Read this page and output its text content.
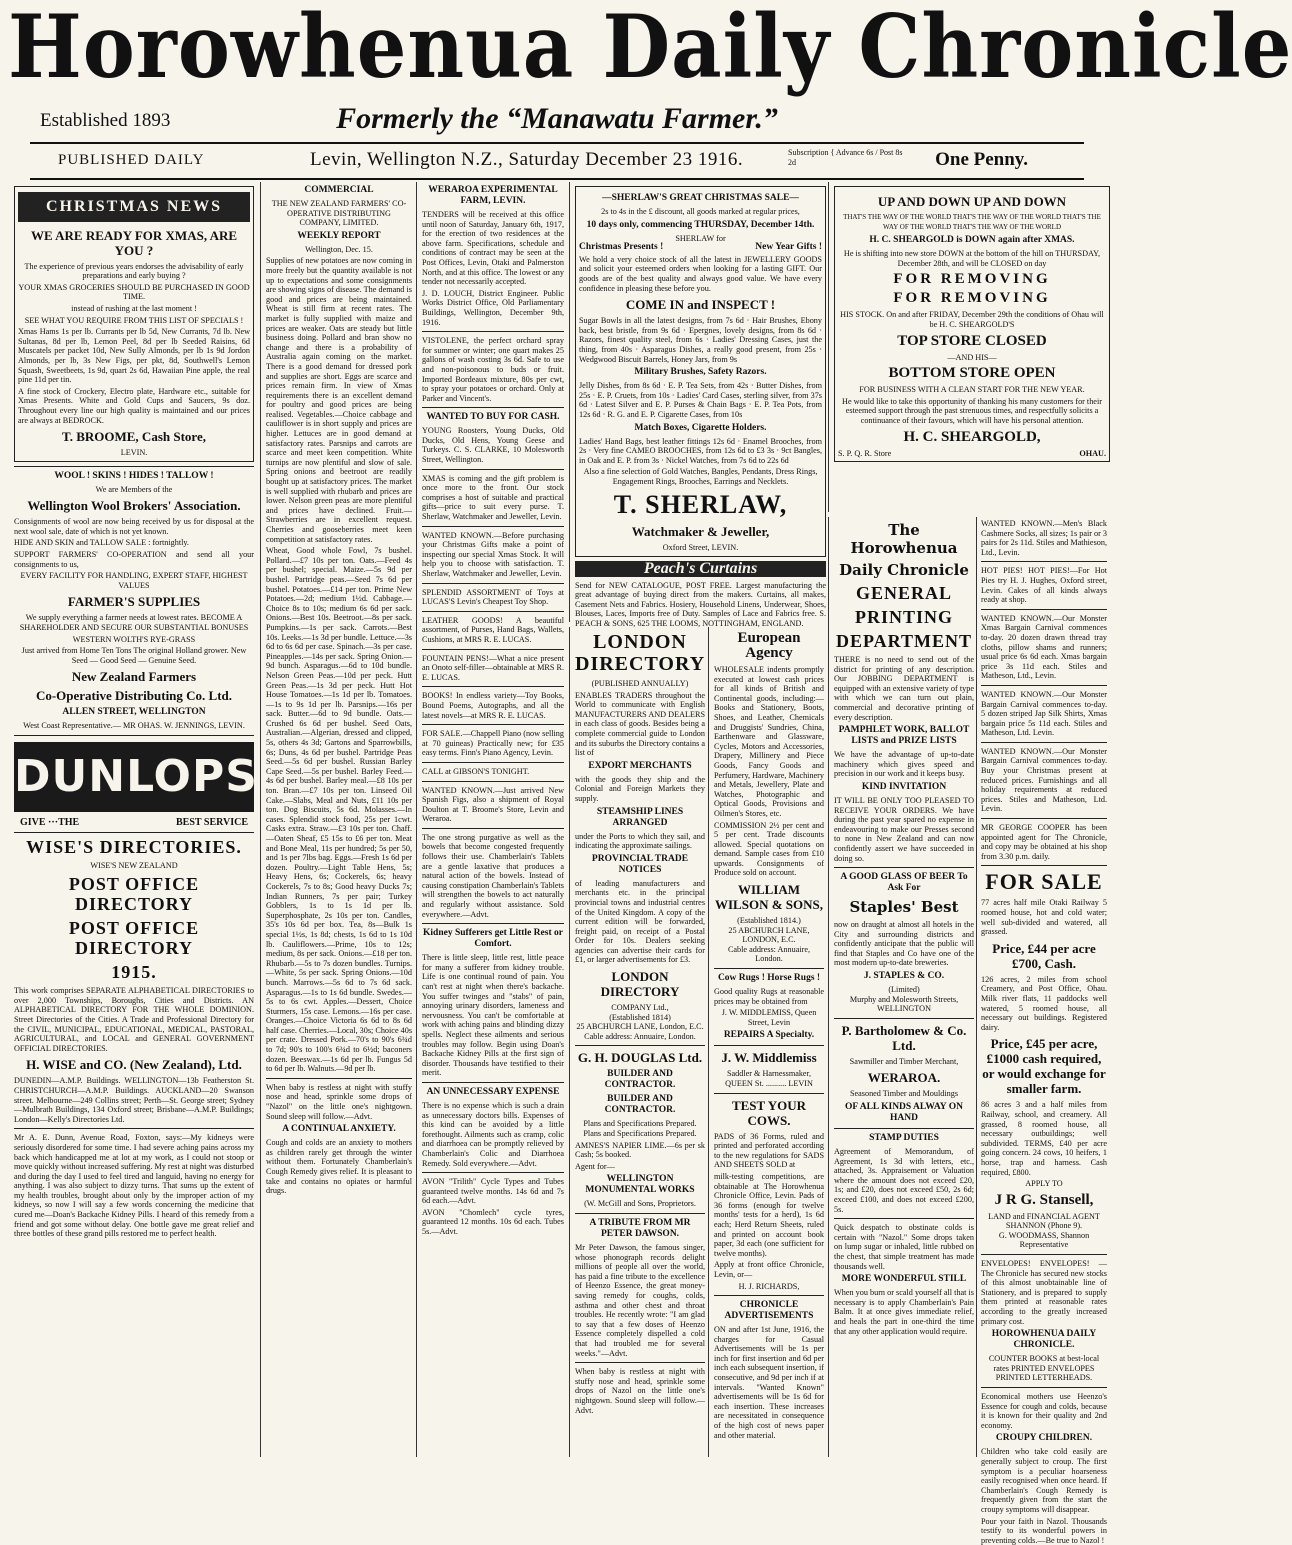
Horowhenua Daily Chronicle
Established 1893	Formerly the “Manawatu Farmer.”
PUBLISHED DAILY	Levin, Wellington N.Z., Saturday December 23 1916.	Subscription { Advance 6s / Post 8s 2d	One Penny.
CHRISTMAS NEWS
WE ARE READY FOR XMAS, ARE YOU ?
The experience of previous years endorses the advisability of early preparations and early buying ?
YOUR XMAS GROCERIES SHOULD BE PURCHASED IN GOOD TIME.
instead of rushing at the last moment !
SEE WHAT YOU REQUIRE FROM THIS LIST OF SPECIALS !
Xmas Hams 1s per lb. Currants per lb 5d, New Currants, 7d lb. New Sultanas, 8d per lb, Lemon Peel, 8d per lb Seeded Raisins, 6d Muscatels per packet 10d, New Sully Almonds, per lb 1s 9d Jordon Almonds, per lb, 3s New Figs, per pkt, 8d, Southwell's Lemon Squash, Sweetbeets, 1s 9d, quart 2s 6d, Hawaiian Pine apple, the real pine 11d per tin.
A fine stock of Crockery, Electro plate, Hardware etc., suitable for Xmas Presents. White and Gold Cups and Saucers, 9s doz. Throughout every line our high quality is maintained and our prices are always at BEDROCK.
T. BROOME, Cash Store,
LEVIN.
WOOL ! SKINS ! HIDES ! TALLOW !
We are Members of the
Wellington Wool Brokers' Association.
Consignments of wool are now being received by us for disposal at the next wool sale, date of which is not yet known.
HIDE AND SKIN and TALLOW SALE : fortnightly.
SUPPORT FARMERS' CO-OPERATION and send all your consignments to us,
EVERY FACILITY FOR HANDLING, EXPERT STAFF, HIGHEST VALUES
FARMER'S SUPPLIES
We supply everything a farmer needs at lowest rates. BECOME A SHAREHOLDER AND SECURE OUR SUBSTANTIAL BONUSES
WESTERN WOLTH'S RYE-GRASS
Just arrived from Home Ten Tons The original Holland grower. New Seed — Good Seed — Genuine Seed.
New Zealand Farmers
Co-Operative Distributing Co. Ltd.
ALLEN STREET, WELLINGTON
West Coast Representative.— MR OHAS. W. JENNINGS, LEVIN.
DUNLOPS
GIVE ···THE	BEST SERVICE
WISE'S DIRECTORIES.
WISE'S NEW ZEALAND
POST OFFICE DIRECTORY
POST OFFICE DIRECTORY
1915.
This work comprises SEPARATE ALPHABETICAL DIRECTORIES to over 2,000 Townships, Boroughs, Cities and Districts. AN ALPHABETICAL DIRECTORY FOR THE WHOLE DOMINION. Street Directories of the Cities. A Trade and Professional Directory for the CIVIL, MUNICIPAL, EDUCATIONAL, MEDICAL, PASTORAL, AGRICULTURAL, and LOCAL and GENERAL GOVERNMENT OFFICIAL DIRECTORIES.
H. WISE and CO. (New Zealand), Ltd.
DUNEDIN—A.M.P. Buildings. WELLINGTON—13b Featherston St. CHRISTCHURCH—A.M.P. Buildings. AUCKLAND—20 Swanson street. Melbourne—249 Collins street; Perth—St. George street; Sydney—Mulbrath Buildings, 134 Oxford street; Brisbane—A.M.P. Buildings; London—Kelly's Directories Ltd.
Mr A. E. Dunn, Avenue Road, Foxton, says:—My kidneys were seriously disordered for some time. I had severe aching pains across my back which handicapped me at lot at my work, as I could not stoop or move quickly without increased suffering. My rest at night was disturbed and during the day I used to feel tired and languid, having no energy for anything. I was also subject to dizzy turns. That sums up the extent of my health troubles, brought about only by the improper action of my kidneys, so now I will say a few words concerning the medicine that cured me—Doan's Backache Kidney Pills. I heard of this remedy from a friend and got some without delay. One bottle gave me great relief and three bottles of these grand pills restored me to perfect health.
COMMERCIAL
THE NEW ZEALAND FARMERS' CO-OPERATIVE DISTRIBUTING COMPANY, LIMITED.
WEEKLY REPORT
Wellington, Dec. 15.
Supplies of new potatoes are now coming in more freely but the quantity available is not up to expectations and some consignments are showing signs of disease. The demand is good and prices are being maintained. Wheat is still firm at recent rates. The market is fully supplied with maize and prices are weaker. Oats are steady but little business doing. Pollard and bran show no change and there is a probability of Australia again coming on the market. There is a good demand for dressed pork and supplies are short. Eggs are scarce and prices remain firm. In view of Xmas requirements there is an excellent demand for poultry and good prices are being realised. Vegetables.—Choice cabbage and cauliflower is in short supply and prices are higher. Lettuces are in good demand at satisfactory rates. Parsnips and carrots are scarce and meet keen competition. White turnips are now plentiful and slow of sale. Spring onions and beetroot are readily bought up at satisfactory prices. The market is well supplied with rhubarb and prices are lower. Nelson green peas are more plentiful and prices have declined. Fruit.—Strawberries are in excellent request. Cherries and gooseberries meet keen competition at satisfactory rates.
Wheat, Good whole Fowl, 7s bushel. Pollard.—£7 10s per ton. Oats.—Feed 4s per bushel; special. Maize.—5s 9d per bushel. Partridge peas.—Seed 7s 6d per bushel. Potatoes.—£14 per ton. Prime New Potatoes.—2d; medium 1½d. Cabbage.—Choice 8s to 10s; medium 6s 6d per sack. Onions.—Best 10s. Beetroot.—8s per sack. Pumpkins.—1s per sack. Carrots.—Best 10s. Leeks.—1s 3d per bundle. Lettuce.—3s 6d to 6s 6d per case. Spinach.—3s per case. Pineapples.—14s per sack. Spring Onion.—9d bunch. Asparagus.—6d to 10d bundle. Nelson Green Peas.—10d per peck. Hutt Green Peas.—1s 3d per peck. Hutt Hot House Tomatoes.—1s 1d per lb. Tomatoes.—1s to 9s 1d per lb. Parsnips.—16s per sack. Butter.—6d to 9d bundle. Oats.—Crushed 6s 6d per bushel. Seed Oats, Australian.—Algerian, dressed and clipped, 5s, others 4s 3d; Gartons and Sparrowbills, 6s; Duns, 4s 6d per bushel. Partridge Peas Seed.—5s 6d per bushel. Russian Barley Cape Seed.—5s per bushel. Barley Feed.—4s 6d per bushel. Barley meal.—£8 10s per ton. Bran.—£7 10s per ton. Linseed Oil Cake.—Slabs, Meal and Nuts, £11 10s per ton. Dog Biscuits, 5s 6d. Molasses.—In cases. Splendid stock food, 25s per 1cwt. Casks extra. Straw.—£3 10s per ton. Chaff.—Oaten Sheaf, £5 15s to £6 per ton. Meat and Bone Meal, 11s per hundred; 5s per 50, and 1s per 7lbs bag. Eggs.—Fresh 1s 6d per dozen. Poultry.—Light Table Hens, 5s; Heavy Hens, 6s; Cockerels, 6s; heavy Cockerels, 7s to 8s; Good heavy Ducks 7s; Indian Runners, 7s per pair; Turkey Gobblers, 1s to 1s 1d per lb. Superphosphate, 2s 10s per ton. Candles, 35's 10s 6d per box. Tea, 8s—Bulk 1s special 1½s, 1s 8d; chests, 1s 6d to 1s 10d lb. Cauliflowers.—Prime, 10s to 12s; medium, 8s per sack. Onions.—£18 per ton. Rhubarb.—5s to 7s dozen bundles. Turnips.—White, 5s per sack. Spring Onions.—10d bunch. Marrows.—5s 6d to 7s 6d sack. Asparagus.—1s to 1s 6d bundle. Swedes.—5s to 6s cwt. Apples.—Dessert, Choice Sturmers, 15s case. Lemons.—16s per case. Oranges.—Choice Victoria 6s 6d to 8s 6d half case. Cherries.—Local, 30s; Choice 40s per crate. Dressed Pork.—70's to 90's 6¾d to 7d; 90's to 100's 6¾d to 6½d; baconers dozen. Beeswax.—1s 6d per lb. Fungus 5d to 6d per lb. Walnuts.—9d per lb.
When baby is restless at night with stuffy nose and head, sprinkle some drops of "Nazol" on the little one's nightgown. Sound sleep will follow.—Advt.
A CONTINUAL ANXIETY.
Cough and colds are an anxiety to mothers as children rarely get through the winter without them. Fortunately Chamberlain's Cough Remedy gives relief. It is pleasant to take and contains no opiates or harmful drugs.
WERAROA EXPERIMENTAL FARM, LEVIN.
TENDERS will be received at this office until noon of Saturday, January 6th, 1917, for the erection of two residences at the above farm. Specifications, schedule and conditions of contract may be seen at the Post Offices, Levin, Otaki and Palmerston North, and at this office. The lowest or any tender not necessarily accepted.
J. D. LOUCH, District Engineer. Public Works District Office, Old Parliamentary Buildings, Wellington, December 9th, 1916.
VISTOLENE, the perfect orchard spray for summer or winter; one quart makes 25 gallons of wash costing 3s 6d. Safe to use and non-poisonous to buds or fruit. Imported Bordeaux mixture, 80s per cwt, to spray your potatoes or orchard. Only at Parker and Vincent's.
WANTED TO BUY FOR CASH.
YOUNG Roosters, Young Ducks, Old Ducks, Old Hens, Young Geese and Turkeys. C. S. CLARKE, 10 Molesworth Street, Wellington.
XMAS is coming and the gift problem is once more to the front. Our stock comprises a host of suitable and practical gifts—price to suit every purse. T. Sherlaw, Watchmaker and Jeweller, Levin.
WANTED KNOWN.—Before purchasing your Christmas Gifts make a point of inspecting our special Xmas Stock. It will help you to choose with satisfaction. T. Sherlaw, Watchmaker and Jeweller, Levin.
SPLENDID ASSORTMENT of Toys at LUCAS'S Levin's Cheapest Toy Shop.
LEATHER GOODS! A beautiful assortment, of Purses, Hand Bags, Wallets, Cushions, at MRS R. E. LUCAS.
FOUNTAIN PENS!—What a nice present an Onoto self-filler—obtainable at MRS R. E. LUCAS.
BOOKS! In endless variety—Toy Books, Bound Poems, Autographs, and all the latest novels—at MRS R. E. LUCAS.
FOR SALE.—Chappell Piano (now selling at 70 guineas) Practically new; for £35 easy terms. Finn's Piano Agency, Levin.
CALL at GIBSON'S TONIGHT.
WANTED KNOWN.—Just arrived New Spanish Figs, also a shipment of Royal Doulton at T. Broome's Store, Levin and Weraroa.
The one strong purgative as well as the bowels that become congested frequently follows their use. Chamberlain's Tablets are a gentle laxative that produces a natural action of the bowels. Instead of causing constipation Chamberlain's Tablets will strengthen the bowels to act naturally and regularly without assistance. Sold everywhere.—Advt.
Kidney Sufferers get Little Rest or Comfort.
There is little sleep, little rest, little peace for many a sufferer from kidney trouble. Life is one continual round of pain. You can't rest at night when there's backache. You suffer twinges and "stabs" of pain, annoying urinary disorders, lameness and nervousness. You can't be comfortable at work with aching pains and blinding dizzy spells. Neglect these ailments and serious troubles may follow. Begin using Doan's Backache Kidney Pills at the first sign of disorder. Thousands have testified to their merit.
AN UNNECESSARY EXPENSE
There is no expense which is such a drain as unnecessary doctors bills. Expenses of this kind can be avoided by a little forethought. Ailments such as cramp, colic and diarrhoea can be promptly relieved by Chamberlain's Colic and Diarrhoea Remedy. Sold everywhere.—Advt.
AVON "Trilith" Cycle Types and Tubes guaranteed twelve months. 14s 6d and 7s 6d each.—Advt.
AVON "Chomlech" cycle tyres, guaranteed 12 months. 10s 6d each. Tubes 5s.—Advt.
—SHERLAW'S GREAT CHRISTMAS SALE—
2s to 4s in the £ discount, all goods marked at regular prices,
10 days only, commencing THURSDAY, December 14th.
SHERLAW for
Christmas Presents !	New Year Gifts !
We hold a very choice stock of all the latest in JEWELLERY GOODS and solicit your esteemed orders when looking for a lasting GIFT. Our goods are of the best quality and always good value. We have every confidence in pleasing these before you.
COME IN and INSPECT !
Sugar Bowls in all the latest designs, from 7s 6d · Hair Brushes, Ebony back, best bristle, from 9s 6d · Epergnes, lovely designs, from 8s 6d · Razors, finest quality steel, from 6s · Ladies' Dressing Cases, just the thing, from 40s · Asparagus Dishes, a really good present, from 25s · Wedgwood Biscuit Barrels, Honey Jars, from 9s
Military Brushes, Safety Razors.
Jelly Dishes, from 8s 6d · E. P. Tea Sets, from 42s · Butter Dishes, from 25s · E. P. Cruets, from 10s · Ladies' Card Cases, sterling silver, from 37s 6d · Latest Silver and E. P. Purses & Chain Bags · E. P. Tea Pots, from 12s 6d · R. G. and E. P. Cigarette Cases, from 10s
Match Boxes, Cigarette Holders.
Ladies' Hand Bags, best leather fittings 12s 6d · Enamel Brooches, from 2s · Very fine CAMEO BROOCHES, from 12s 6d to £3 3s · 9ct Bangles, in Oak and E. P. from 3s · Nickel Watches, from 7s 6d to 22s 6d
Also a fine selection of Gold Watches, Bangles, Pendants, Dress Rings, Engagement Rings, Brooches, Earrings and Necklets.
T. SHERLAW,
Watchmaker & Jeweller,
Oxford Street, LEVIN.
Peach's Curtains
Send for NEW CATALOGUE, POST FREE. Largest manufacturing the great advantage of buying direct from the makers. Curtains, all makes, Casement Nets and Fabrics. Hosiery, Household Linens, Underwear, Shoes, Blouses, Laces, Imports free of Duty. Samples of Lace and Fabrics free. S. PEACH & SONS, 625 THE LOOMS, NOTTINGHAM, ENGLAND.
LONDON DIRECTORY
(PUBLISHED ANNUALLY)
ENABLES TRADERS throughout the World to communicate with English MANUFACTURERS AND DEALERS in each class of goods. Besides being a complete commercial guide to London and its suburbs the Directory contains a list of
EXPORT MERCHANTS
with the goods they ship and the Colonial and Foreign Markets they supply.
STEAMSHIP LINES ARRANGED
under the Ports to which they sail, and indicating the approximate sailings.
PROVINCIAL TRADE NOTICES
of leading manufacturers and merchants etc. in the principal provincial towns and industrial centres of the United Kingdom. A copy of the current edition will be forwarded, freight paid, on receipt of a Postal Order for 10s. Dealers seeking agencies can advertise their cards for £1, or larger advertisements for £3.
LONDON DIRECTORY
COMPANY Ltd.,
(Established 1814)
25 ABCHURCH LANE, London, E.C.
Cable address: Annuaire, London.
G. H. DOUGLAS Ltd.
BUILDER AND CONTRACTOR.
BUILDER AND CONTRACTOR.
Plans and Specifications Prepared.
Plans and Specifications Prepared.
AMNES'S NAPIER LIME.—6s per sk Cash; 5s booked.
Agent for—
WELLINGTON MONUMENTAL WORKS
(W. McGill and Sons, Proprietors.
A TRIBUTE FROM MR PETER DAWSON.
Mr Peter Dawson, the famous singer, whose phonograph records delight millions of people all over the world, has paid a fine tribute to the excellence of Heenzo Essence, the great money-saving remedy for coughs, colds, asthma and other chest and throat troubles. He recently wrote: "I am glad to say that a few doses of Heenzo Essence completely dispelled a cold that had troubled me for several weeks."—Advt.
When baby is restless at night with stuffy nose and head, sprinkle some drops of Nazol on the little one's nightgown. Sound sleep will follow.—Advt.
European Agency
WHOLESALE indents promptly executed at lowest cash prices for all kinds of British and Continental goods, including:— Books and Stationery, Boots, Shoes, and Leather, Chemicals and Druggists' Sundries, China, Earthenware and Glassware, Cycles, Motors and Accessories, Drapery, Millinery and Piece Goods, Fancy Goods and Perfumery, Hardware, Machinery and Metals, Jewellery, Plate and Watches, Photographic and Optical Goods, Provisions and Oilmen's Stores, etc.
COMMISSION 2½ per cent and 5 per cent. Trade discounts allowed. Special quotations on demand. Sample cases from £10 upwards. Consignments of Produce sold on account.
WILLIAM WILSON & SONS,
(Established 1814.)
25 ABCHURCH LANE, LONDON, E.C.
Cable address: Annuaire, London.
Cow Rugs ! Horse Rugs !
Good quality Rugs at reasonable prices may be obtained from
J. W. MIDDLEMISS, Queen Street, Levin
REPAIRS A Specialty.
J. W. Middlemiss
Saddler & Harnessmaker, QUEEN St. .......... LEVIN
TEST YOUR COWS.
PADS of 36 Forms, ruled and printed and perforated according to the new regulations for SADS AND SHEETS SOLD at
milk-testing competitions, are obtainable at The Horowhenua Chronicle Office, Levin. Pads of 36 forms (enough for twelve months' tests for a herd), 1s 6d each; Herd Return Sheets, ruled and printed on account book paper, 3d each (one sufficient for twelve months).
Apply at front office Chronicle, Levin, or—
H. J. RICHARDS,
CHRONICLE ADVERTISEMENTS
ON and after 1st June, 1916, the charges for Casual Advertisements will be 1s per inch for first insertion and 6d per inch each subsequent insertion, if consecutive, and 9d per inch if at intervals. "Wanted Known" advertisements will be 1s 6d for each insertion. These increases are necessitated in consequence of the high cost of news paper and other material.
UP AND DOWN UP AND DOWN
THAT'S THE WAY OF THE WORLD THAT'S THE WAY OF THE WORLD THAT'S THE WAY OF THE WORLD THAT'S THE WAY OF THE WORLD
H. C. SHEARGOLD is DOWN again after XMAS.
He is shifting into new store DOWN at the bottom of the hill on THURSDAY, December 28th, and will be CLOSED on day
FOR REMOVING
FOR REMOVING
HIS STOCK. On and after FRIDAY, December 29th the conditions of Ohau will be H. C. SHEARGOLD'S
TOP STORE CLOSED
—AND HIS—
BOTTOM STORE OPEN
FOR BUSINESS WITH A CLEAN START FOR THE NEW YEAR.
He would like to take this opportunity of thanking his many customers for their esteemed support through the past strenuous times, and respectfully solicits a continuance of their favours, which will have his personal attention.
H. C. SHEARGOLD,
S. P. Q. R. Store	OHAU.
The Horowhenua
Daily Chronicle
GENERAL
PRINTING
DEPARTMENT
THERE is no need to send out of the district for printing of any description. Our JOBBING DEPARTMENT is equipped with an extensive variety of type with which we can turn out plain, commercial and decorative printing of every description.
PAMPHLET WORK, BALLOT LISTS and PRIZE LISTS
We have the advantage of up-to-date machinery which gives speed and precision in our work and it keeps busy.
KIND INVITATION
IT WILL BE ONLY TOO PLEASED TO RECEIVE YOUR ORDERS. We have during the past year spared no expense in endeavouring to make our Presses second to none in New Zealand and can now confidently assert we have succeeded in doing so.
A GOOD GLASS OF BEER To Ask For
Staples' Best
now on draught at almost all hotels in the City and surrounding districts and confidently anticipate that the public will find that Staples and Co have one of the most modern up-to-date breweries.
J. STAPLES & CO.
(Limited)
Murphy and Molesworth Streets, WELLINGTON
P. Bartholomew & Co. Ltd.
Sawmiller and Timber Merchant,
WERAROA.
Seasoned Timber and Mouldings
OF ALL KINDS ALWAY ON HAND
STAMP DUTIES
Agreement of Memorandum, of Agreement, 1s 3d with letters, etc., attached, 3s. Appraisement or Valuation where the amount does not exceed £20, 1s; and £20, does not exceed £50, 2s 6d; exceed £100, and does not exceed £200, 5s.
Quick despatch to obstinate colds is certain with "Nazol." Some drops taken on lump sugar or inhaled, little rubbed on the chest, that simple treatment has made thousands well.
MORE WONDERFUL STILL
When you burn or scald yourself all that is necessary is to apply Chamberlain's Pain Balm. It at once gives immediate relief, and heals the part in one-third the time that any other application would require.
WANTED KNOWN.—Men's Black Cashmere Socks, all sizes; 1s pair or 3 pairs for 2s 11d. Stiles and Mathieson, Ltd., Levin.
HOT PIES! HOT PIES!—For Hot Pies try H. J. Hughes, Oxford street, Levin. Cakes of all kinds always ready at shop.
WANTED KNOWN.—Our Monster Xmas Bargain Carnival commences to-day. 20 dozen drawn thread tray cloths, pillow shams and runners; usual price 6s 6d each. Xmas bargain price 3s 11d each. Stiles and Matheson, Ltd., Levin.
WANTED KNOWN.—Our Monster Bargain Carnival commences to-day. 5 dozen striped Jap Silk Shirts, Xmas bargain price 5s 11d each. Stiles and Matheson, Ltd. Levin.
WANTED KNOWN.—Our Monster Bargain Carnival commences to-day. Buy your Christmas present at reduced prices. Furnishings and all holiday requirements at reduced prices. Stiles and Matheson, Ltd. Levin.
MR GEORGE COOPER has been appointed agent for The Chronicle, and copy may be obtained at his shop from 3.30 p.m. daily.
FOR SALE
77 acres half mile Otaki Railway 5 roomed house, hot and cold water; well sub-divided and watered, all grassed.
Price, £44 per acre £700, Cash.
126 acres, 2 miles from school Creamery, and Post Office, Ohau. Milk river flats, 11 paddocks well watered, 5 roomed house, all necessary out buildings. Registered dairy.
Price, £45 per acre, £1000 cash required, or would exchange for smaller farm.
86 acres 3 and a half miles from Railway, school, and creamery. All grassed, 8 roomed house, all necessary outbuildings; well subdivided. TERMS, £40 per acre going concern. 24 cows, 10 heifers, 1 horse, trap and harness. Cash required, £800.
APPLY TO
J R G. Stansell,
LAND and FINANCIAL AGENT
SHANNON (Phone 9).
G. WOODMASS, Shannon Representative
ENVELOPES! ENVELOPES! — The Chronicle has secured new stocks of this almost unobtainable line of Stationery, and is prepared to supply them printed at reasonable rates according to the greatly increased primary cost.
HOROWHENUA DAILY CHRONICLE.
COUNTER BOOKS at best-local rates PRINTED ENVELOPES PRINTED LETTERHEADS.
Economical mothers use Heenzo's Essence for cough and colds, because it is known for their quality and 2nd economy.
CROUPY CHILDREN.
Children who take cold easily are generally subject to croup. The first symptom is a peculiar hoarseness easily recognised when once heard. If Chamberlain's Cough Remedy is frequently given from the start the croupy symptoms will disappear.
Pour your faith in Nazol. Thousands testify to its wonderful powers in preventing colds.—Be true to Nazol !
